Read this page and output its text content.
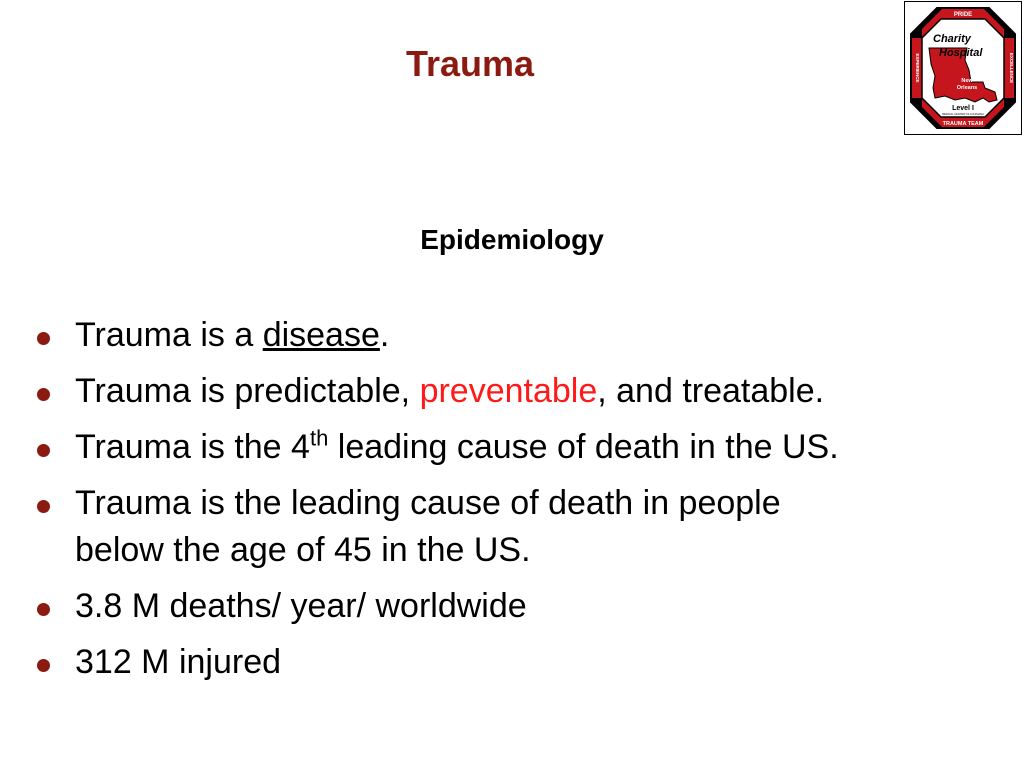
Trauma
PRIDE
TRAUMA TEAM
EXPERIENCE	EXCELLENCE
Charity
Hospital
New
Orleans
Level I
MEDICAL CENTER OF LOUISIANA
Epidemiology
Trauma is a disease.
Trauma is predictable, preventable, and treatable.
Trauma is the 4th leading cause of death in the US.
Trauma is the leading cause of death in people
below the age of 45 in the US.
3.8 M deaths/ year/ worldwide
312 M injured
